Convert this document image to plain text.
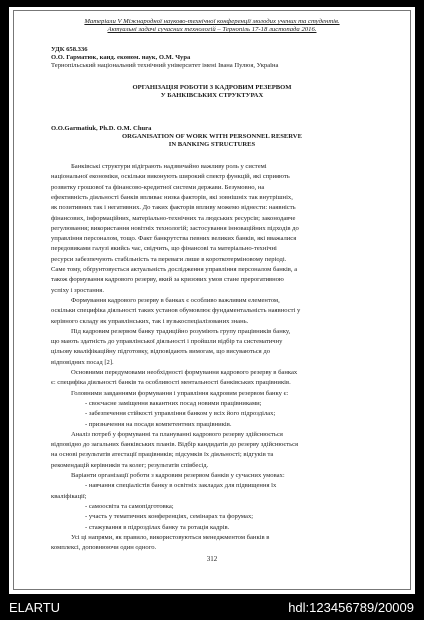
Матеріали V Міжнародної науково-технічної конференції молодих учених та студентів.
Актуальні задачі сучасних технологій – Тернопіль 17-18 листопада 2016.
УДК 658.336
О.О. Гарматюк, канд. економ. наук, О.М. Чура
Тернопільський національний технічний університет імені Івана Пулюя, Україна
ОРГАНІЗАЦІЯ РОБОТИ З КАДРОВИМ РЕЗЕРВОМ
У БАНКІВСЬКИХ СТРУКТУРАХ
O.O.Garmatiuk, Ph.D. O.M. Chura
ORGANISATION OF WORK WITH PERSONNEL RESERVE
IN BANKING STRUCTURES
Банківські структури відіграють надзвичайно важливу роль у системі
національної економіки, оскільки виконують широкий спектр функцій, які сприяють
розвитку грошової та фінансово-кредитної системи держави. Безумовно, на
ефективність діяльності банків впливає низка факторів, які зовнішніх так внутрішніх,
як позитивних так і негативних. До таких факторів впливу можемо віднести: наявність
фінансових, інформаційних, матеріально-технічних та людських ресурсів; законодавче
регулювання; використання новітніх технологій; застосування інноваційних підходів до
управління персоналом, тощо. Факт банкрутства певних великих банків, які вважалися
передовиками галузі якийсь час, свідчить, що фінансові та матеріально-технічні
ресурси забезпечують стабільність та переваги лише в короткотерміновому періоді.
Саме тому, обґрунтовується актуальність дослідження управління персоналом банків, а
також формування кадрового резерву, який за кризових умов стане прерогативною
успіху і зростання.
Формування кадрового резерву в банках є особливо важливим елементом,
оскільки специфіка діяльності таких установ обумовлює фундаментальність наявності у
керівного складу як управлінських, так і вузькоспеціалізованих знань.
Під кадровим резервом банку традиційно розуміють групу працівників банку,
що мають здатність до управлінської діяльності і пройшли відбір та систематичну
цільову кваліфікаційну підготовку, відповідають вимогам, що висуваються до
відповідних посад [2].
Основними передумовами необхідності формування кадрового резерву в банках
є: специфіка діяльності банків та особливості ментальності банківських працівників.
Головними завданнями формування і управління кадровим резервом банку є:
- своєчасне заміщення вакантних посад новими працівниками;
- забезпечення стійкості управління банком у всіх його підрозділах;
- призначення на посади компетентних працівників.
Аналіз потреб у формуванні та плануванні кадрового резерву здійснюється
відповідно до загальних банківських планів. Відбір кандидатів до резерву здійснюється
на основі результатів атестації працівників; підсумків їх діяльності; відгуків та
рекомендацій керівників та колег; результатів співбесід.
Варіанти організації роботи з кадровим резервом банків у сучасних умовах:
- навчання спеціалістів банку в освітніх закладах для підвищення їх
кваліфікації;
- самоосвіта та самопідготовка;
- участь у тематичних конференціях, семінарах та форумах;
- стажування в підрозділах банку та ротація кадрів.
Усі ці напрями, як правило, використовуються менеджментом банків в
комплексі, доповнюючи один одного.
312
ELARTU	hdl:123456789/20009
